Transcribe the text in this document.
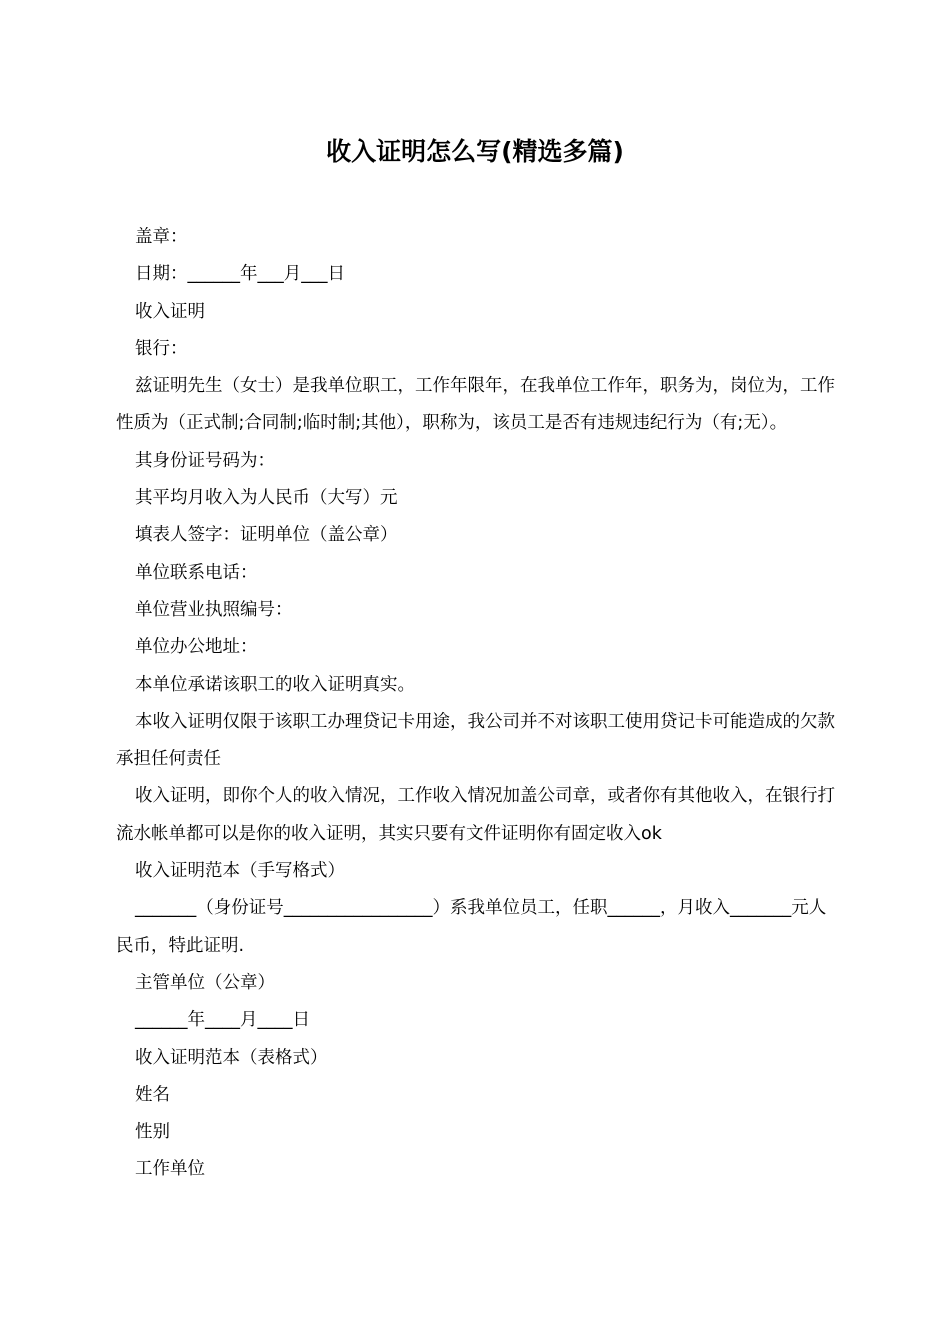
收入证明怎么写(精选多篇)

盖章：

日期：______年___月___日

收入证明

银行：

兹证明先生（女士）是我单位职工，工作年限年，在我单位工作年，职务为，岗位为，工作性质为（正式制;合同制;临时制;其他），职称为，该员工是否有违规违纪行为（有;无）。

其身份证号码为：

其平均月收入为人民币（大写）元

填表人签字：证明单位（盖公章）

单位联系电话：

单位营业执照编号：

单位办公地址：

本单位承诺该职工的收入证明真实。

本收入证明仅限于该职工办理贷记卡用途，我公司并不对该职工使用贷记卡可能造成的欠款承担任何责任

收入证明，即你个人的收入情况，工作收入情况加盖公司章，或者你有其他收入，在银行打流水帐单都可以是你的收入证明，其实只要有文件证明你有固定收入ok

收入证明范本（手写格式）

_______（身份证号_________________）系我单位员工，任职______，月收入_______元人民币，特此证明.

主管单位（公章）

______年____月____日

收入证明范本（表格式）

姓名

性别

工作单位
